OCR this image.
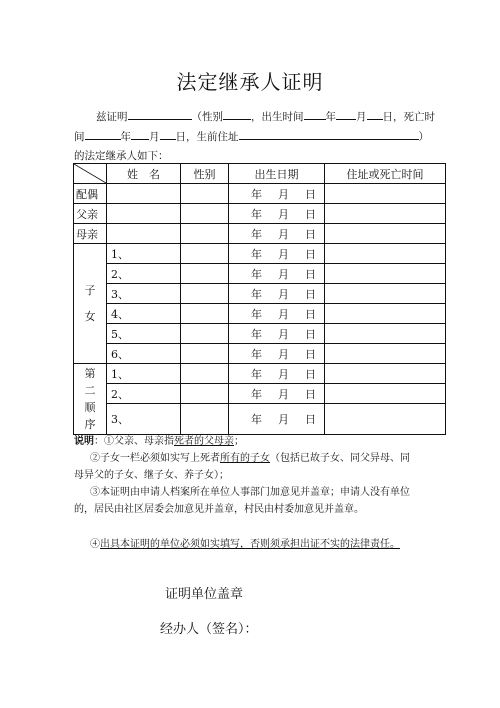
法定继承人证明
兹证明	（性别	，出生时间 年 月 日，死亡时
间	年 月 日，生前住址	）
的法定继承人如下：
	姓　名	性别	出生日期	住址或死亡时间
配偶			年 月 日	
父亲			年 月 日	
母亲			年 月 日	

子
女	1、		年 月 日	
	2、		年 月 日	
	3、		年 月 日	
	4、		年 月 日	
	5、		年 月 日	
	6、		年 月 日	

第
二
顺
序	1、		年 月 日	
	2、		年 月 日	
	3、		年 月 日	

说明：①父亲、母亲指死者的父母亲；

②子女一栏必须如实写上死者所有的子女（包括已故子女、同父异母、同

母异父的子女、继子女、养子女）；

③本证明由申请人档案所在单位人事部门加意见并盖章；申请人没有单位

的，居民由社区居委会加意见并盖章，村民由村委加意见并盖章。

④出具本证明的单位必须如实填写，否则须承担出证不实的法律责任。

证明单位盖章
经办人（签名）：
